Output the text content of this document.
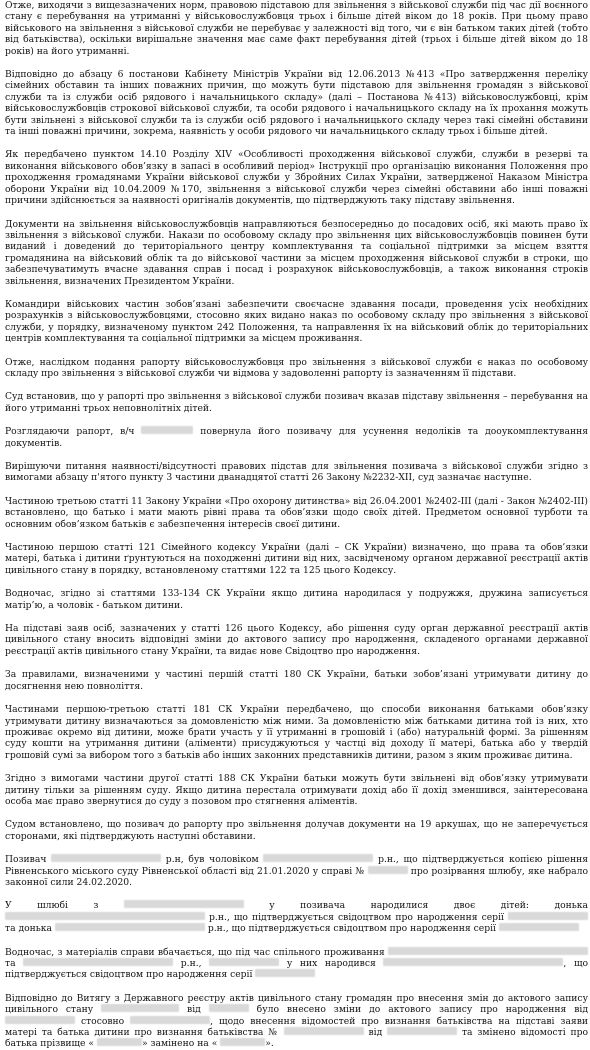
Отже, виходячи з вищезазначених норм, правовою підставою для звільнення з військової служби під час дії воєнного стану є перебування на утриманні у військовослужбовця трьох і більше дітей віком до 18 років. При цьому право військового на звільнення з військової служби не перебуває у залежності від того, чи є він батьком таких дітей (тобто від батьківства), оскільки вирішальне значення має саме факт перебування дітей (трьох і більше дітей віком до 18 років) на його утриманні.
Відповідно до абзацу 6 постанови Кабінету Міністрів України від 12.06.2013 №413 «Про затвердження переліку сімейних обставин та інших поважних причин, що можуть бути підставою для звільнення громадян з військової служби та із служби осіб рядового і начальницького складу» (далі – Постанова №413) військовослужбовці, крім військовослужбовців строкової військової служби, та особи рядового і начальницького складу на їх прохання можуть бути звільнені з військової служби та із служби осіб рядового і начальницького складу через такі сімейні обставини та інші поважні причини, зокрема, наявність у особи рядового чи начальницького складу трьох і більше дітей.
Як передбачено пунктом 14.10 Розділу XIV «Особливості проходження військової служби, служби в резерві та виконання військового обов’язку в запасі в особливий період» Інструкції про організацію виконання Положення про проходження громадянами України військової служби у Збройних Силах України, затвердженої Наказом Міністра оборони України від 10.04.2009 №170, звільнення з військової служби через сімейні обставини або інші поважні причини здійснюється за наявності оригіналів документів, що підтверджують таку підставу звільнення.
Документи на звільнення військовослужбовців направляються безпосередньо до посадових осіб, які мають право їх звільнення з військової служби. Накази по особовому складу про звільнення цих військовослужбовців повинен бути виданий і доведений до територіального центру комплектування та соціальної підтримки за місцем взяття громадянина на військовий облік та до військової частини за місцем проходження військової служби в строки, що забезпечуватимуть вчасне здавання справ і посад і розрахунок військовослужбовців, а також виконання строків звільнення, визначених Президентом України.
Командири військових частин зобов’язані забезпечити своєчасне здавання посади, проведення усіх необхідних розрахунків з військовослужбовцями, стосовно яких видано наказ по особовому складу про звільнення з військової служби, у порядку, визначеному пунктом 242 Положення, та направлення їх на військовий облік до територіальних центрів комплектування та соціальної підтримки за місцем проживання.
Отже, наслідком подання рапорту військовослужбовця про звільнення з військової служби є наказ по особовому складу про звільнення з військової служби чи відмова у задоволенні рапорту із зазначенням її підстави.
Суд встановив, що у рапорті про звільнення з військової служби позивач вказав підставу звільнення – перебування на його утриманні трьох неповнолітніх дітей.
Розглядаючи рапорт, в/ч	повернула його позивачу для усунення недоліків та дооукомплектування документів.
Вирішуючи питання наявності/відсутності правових підстав для звільнення позивача з військової служби згідно з вимогами абзацу п'ятого пункту 3 частини дванадцятої статті 26 Закону №2232-XII, суд зазначає наступне.
Частиною третьою статті 11 Закону України «Про охорону дитинства» від 26.04.2001 №2402-III (далі - Закон №2402-III) встановлено, що батько і мати мають рівні права та обов’язки щодо своїх дітей. Предметом основної турботи та основним обов’язком батьків є забезпечення інтересів своєї дитини.
Частиною першою статті 121 Сімейного кодексу України (далі – СК України) визначено, що права та обов’язки матері, батька і дитини ґрунтуються на походженні дитини від них, засвідченому органом державної реєстрації актів цивільного стану в порядку, встановленому статтями 122 та 125 цього Кодексу.
Водночас, згідно зі статтями 133-134 СК України якщо дитина народилася у подружжя, дружина записується матір’ю, а чоловік - батьком дитини.
На підставі заяв осіб, зазначених у статті 126 цього Кодексу, або рішення суду орган державної реєстрації актів цивільного стану вносить відповідні зміни до актового запису про народження, складеного органами державної реєстрації актів цивільного стану України, та видає нове Свідоцтво про народження.
За правилами, визначеними у частині першій статті 180 СК України, батьки зобов’язані утримувати дитину до досягнення нею повноліття.
Частинами першою-третьою статті 181 СК України передбачено, що способи виконання батьками обов’язку утримувати дитину визначаються за домовленістю між ними. За домовленістю між батьками дитина той із них, хто проживає окремо від дитини, може брати участь у її утриманні в грошовій і (або) натуральній формі. За рішенням суду кошти на утримання дитини (аліменти) присуджуються у частці від доходу її матері, батька або у твердій грошовій сумі за вибором того з батьків або інших законних представників дитини, разом з яким проживає дитина.
Згідно з вимогами частини другої статті 188 СК України батьки можуть бути звільнені від обов’язку утримувати дитину тільки за рішенням суду. Якщо дитина перестала отримувати дохід або її дохід зменшився, заінтересована особа має право звернутися до суду з позовом про стягнення аліментів.
Судом встановлено, що позивач до рапорту про звільнення долучав документи на 19 аркушах, що не заперечується сторонами, які підтверджують наступні обставини.
Позивач	р.н, був чоловіком	р.н., що підтверджується копією рішення Рівненського міського суду Рівненської області від 21.01.2020 у справі №	про розірвання шлюбу, яке набрало законної сили 24.02.2020.
У шлюбі з	у позивача народилися двоє дітей: донька  р.н., що підтверджується свідоцтвом про народження серії  та донька	р.н., що підтверджується свідоцтвом про народження серії
Водночас, з матеріалів справи вбачається, що під час спільного проживання  та	р.н.,	у них народився	, що підтверджується свідоцтвом про народження серії
Відповідно до Витягу з Державного реєстру актів цивільного стану громадян про внесення змін до актового запису цивільного стану	від	було внесено зміни до актового запису про народження від  стосовно	, щодо внесення відомостей про визнання батьківства на підставі заяви матері та батька дитини про визнання батьківства №	від	та змінено відомості про батька прізвище «	» замінено на «	».
